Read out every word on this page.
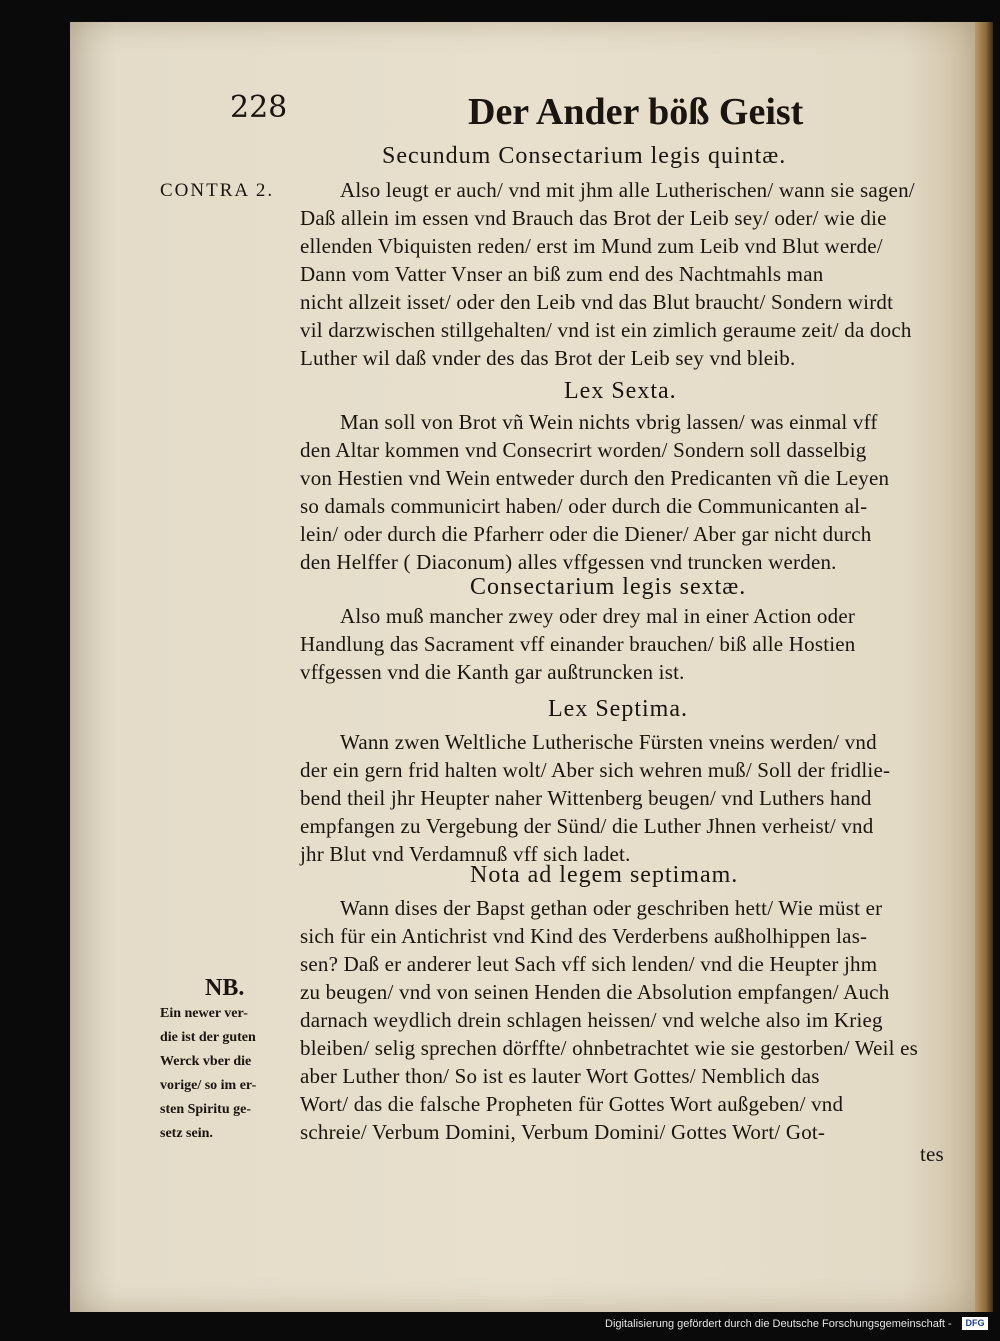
228	Der Ander böß Geist
Secundum Consectarium legis quintæ.
CONTRA 2.	Also leugt er auch/ vnd mit jhm alle Lutherischen/ wann sie sagen/
Daß allein im essen vnd Brauch das Brot der Leib sey/ oder/ wie die
ellenden Vbiquisten reden/ erst im Mund zum Leib vnd Blut werde/
Dann vom Vatter Vnser an biß zum end des Nachtmahls man
nicht allzeit isset/ oder den Leib vnd das Blut braucht/ Sondern wirdt
vil darzwischen stillgehalten/ vnd ist ein zimlich geraume zeit/ da doch
Luther wil daß vnder des das Brot der Leib sey vnd bleib.
Lex Sexta.
Man soll von Brot vñ Wein nichts vbrig lassen/ was einmal vff
den Altar kommen vnd Consecrirt worden/ Sondern soll dasselbig
von Hestien vnd Wein entweder durch den Predicanten vñ die Leyen
so damals communicirt haben/ oder durch die Communicanten al-
lein/ oder durch die Pfarherr oder die Diener/ Aber gar nicht durch
den Helffer ( Diaconum) alles vffgessen vnd truncken werden.
Consectarium legis sextæ.
Also muß mancher zwey oder drey mal in einer Action oder
Handlung das Sacrament vff einander brauchen/ biß alle Hostien
vffgessen vnd die Kanth gar außtruncken ist.
Lex Septima.
Wann zwen Weltliche Lutherische Fürsten vneins werden/ vnd
der ein gern frid halten wolt/ Aber sich wehren muß/ Soll der fridlie-
bend theil jhr Heupter naher Wittenberg beugen/ vnd Luthers hand
empfangen zu Vergebung der Sünd/ die Luther Jhnen verheist/ vnd
jhr Blut vnd Verdamnuß vff sich ladet.
Nota ad legem septimam.
Wann dises der Bapst gethan oder geschriben hett/ Wie müst er
sich für ein Antichrist vnd Kind des Verderbens außholhippen las-
sen? Daß er anderer leut Sach vff sich lenden/ vnd die Heupter jhm
zu beugen/ vnd von seinen Henden die Absolution empfangen/ Auch
darnach weydlich drein schlagen heissen/ vnd welche also im Krieg
bleiben/ selig sprechen dörffte/ ohnbetrachtet wie sie gestorben/ Weil es
aber Luther thon/ So ist es lauter Wort Gottes/ Nemblich das
Wort/ das die falsche Propheten für Gottes Wort außgeben/ vnd
schreie/ Verbum Domini, Verbum Domini/ Gottes Wort/ Got-
tes
NB.
Ein newer ver-
die ist der guten
Werck vber die
vorige/ so im er-
sten Spiritu ge-
setz sein.
Digitalisierung gefördert durch die Deutsche Forschungsgemeinschaft -	DFG
